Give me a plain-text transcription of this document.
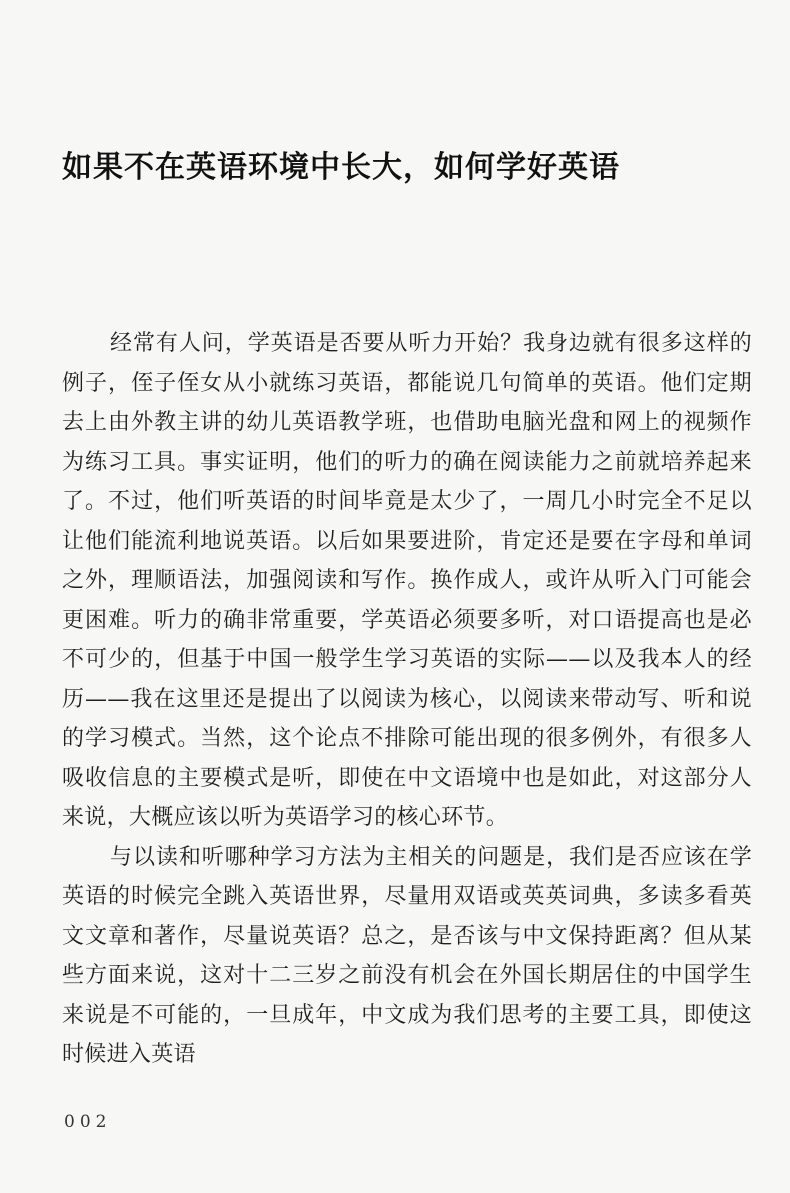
如果不在英语环境中长大，如何学好英语

经常有人问，学英语是否要从听力开始？我身边就有很多这样的例子，侄子侄女从小就练习英语，都能说几句简单的英语。他们定期去上由外教主讲的幼儿英语教学班，也借助电脑光盘和网上的视频作为练习工具。事实证明，他们的听力的确在阅读能力之前就培养起来了。不过，他们听英语的时间毕竟是太少了，一周几小时完全不足以让他们能流利地说英语。以后如果要进阶，肯定还是要在字母和单词之外，理顺语法，加强阅读和写作。换作成人，或许从听入门可能会更困难。听力的确非常重要，学英语必须要多听，对口语提高也是必不可少的，但基于中国一般学生学习英语的实际——以及我本人的经历——我在这里还是提出了以阅读为核心，以阅读来带动写、听和说的学习模式。当然，这个论点不排除可能出现的很多例外，有很多人吸收信息的主要模式是听，即使在中文语境中也是如此，对这部分人来说，大概应该以听为英语学习的核心环节。

与以读和听哪种学习方法为主相关的问题是，我们是否应该在学英语的时候完全跳入英语世界，尽量用双语或英英词典，多读多看英文文章和著作，尽量说英语？总之，是否该与中文保持距离？但从某些方面来说，这对十二三岁之前没有机会在外国长期居住的中国学生来说是不可能的，一旦成年，中文成为我们思考的主要工具，即使这时候进入英语

002
